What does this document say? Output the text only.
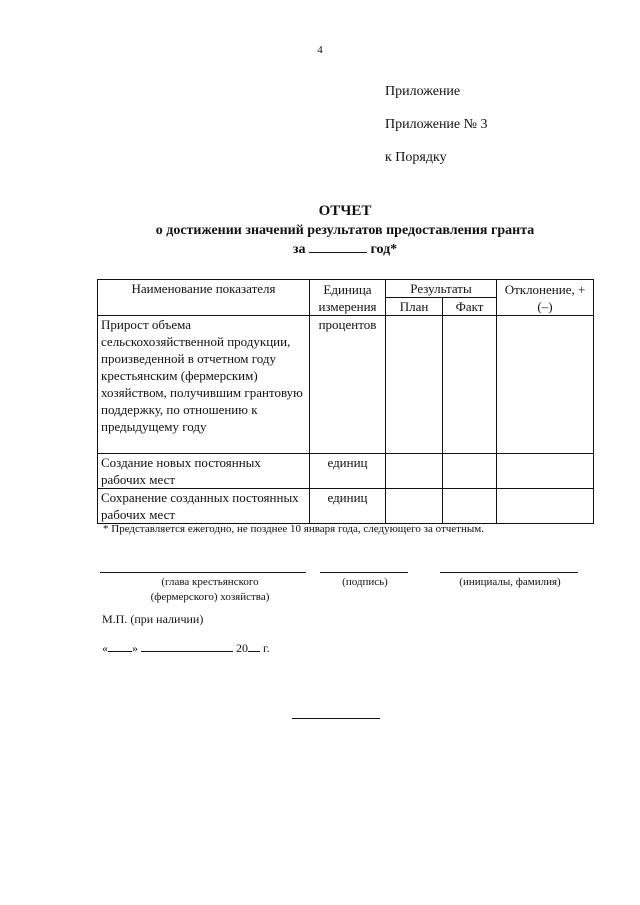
4
Приложение
Приложение № 3
к Порядку
ОТЧЕТ
о достижении значений результатов предоставления гранта
за	год*
Наименование показателя	Единица измерения	Результаты		Отклонение, + (–)
		План	Факт	
Прирост объема сельскохозяйственной продукции, произведенной в отчетном году крестьянским (фермерским) хозяйством, получившим грантовую поддержку, по отношению к предыдущему году	процентов			
Создание новых постоянных рабочих мест	единиц			
Сохранение созданных постоянных рабочих мест	единиц			
* Представляется ежегодно, не позднее 10 января года, следующего за отчетным.
(глава крестьянского (фермерского) хозяйства)
(подпись)	(инициалы, фамилия)
М.П. (при наличии)
« »	20 г.
